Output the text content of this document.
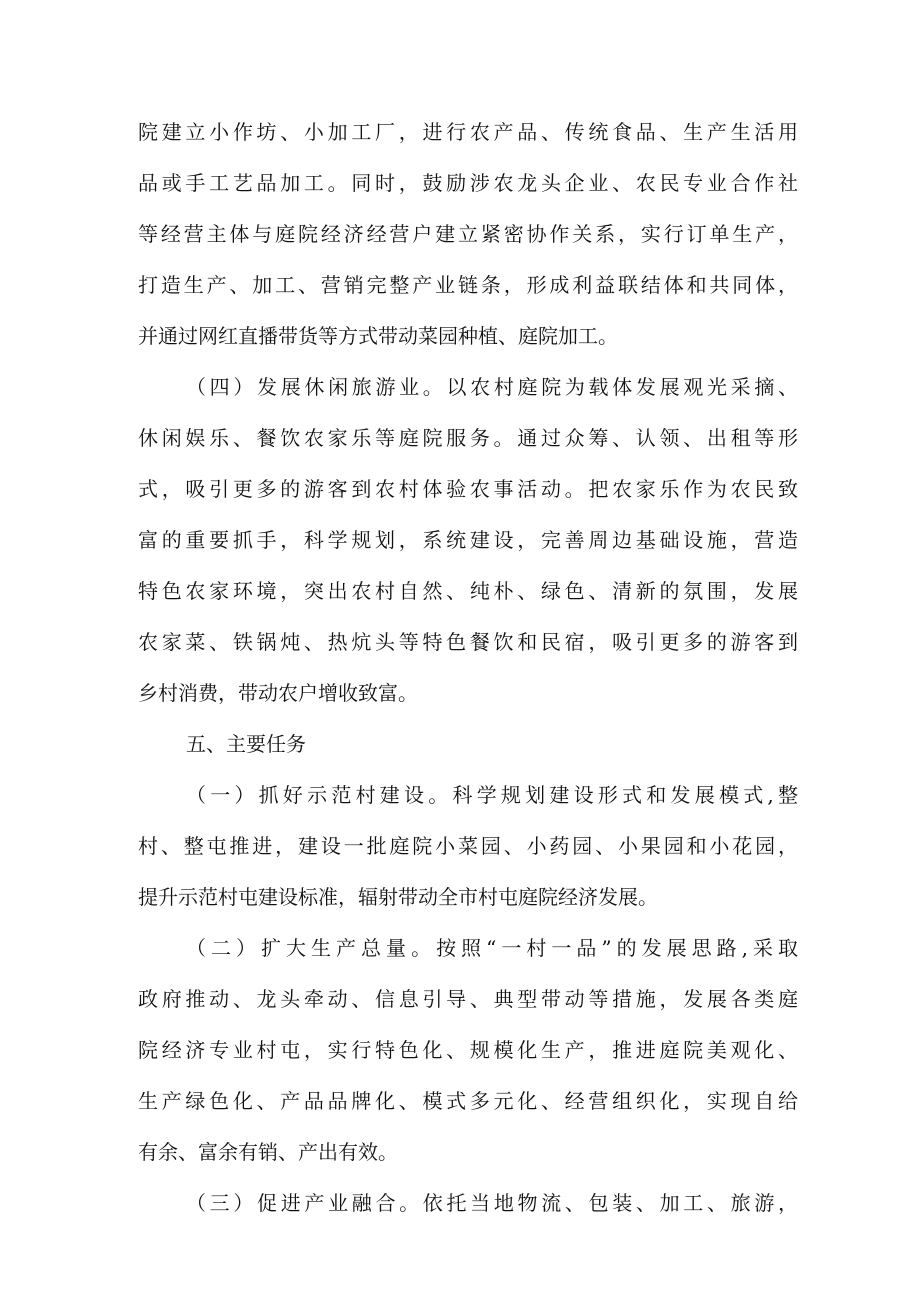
院建立小作坊、小加工厂，进行农产品、传统食品、生产生活用
品或手工艺品加工。同时，鼓励涉农龙头企业、农民专业合作社
等经营主体与庭院经济经营户建立紧密协作关系，实行订单生产，
打造生产、加工、营销完整产业链条，形成利益联结体和共同体，
并通过网红直播带货等方式带动菜园种植、庭院加工。
（四）发展休闲旅游业。以农村庭院为载体发展观光采摘、
休闲娱乐、餐饮农家乐等庭院服务。通过众筹、认领、出租等形
式，吸引更多的游客到农村体验农事活动。把农家乐作为农民致
富的重要抓手，科学规划，系统建设，完善周边基础设施，营造
特色农家环境，突出农村自然、纯朴、绿色、清新的氛围，发展
农家菜、铁锅炖、热炕头等特色餐饮和民宿，吸引更多的游客到
乡村消费，带动农户增收致富。
五、主要任务
（一）抓好示范村建设。科学规划建设形式和发展模式,整
村、整屯推进，建设一批庭院小菜园、小药园、小果园和小花园，
提升示范村屯建设标准，辐射带动全市村屯庭院经济发展。
（二）扩大生产总量。按照“一村一品”的发展思路,采取
政府推动、龙头牵动、信息引导、典型带动等措施，发展各类庭
院经济专业村屯，实行特色化、规模化生产，推进庭院美观化、
生产绿色化、产品品牌化、模式多元化、经营组织化，实现自给
有余、富余有销、产出有效。
（三）促进产业融合。依托当地物流、包装、加工、旅游，
